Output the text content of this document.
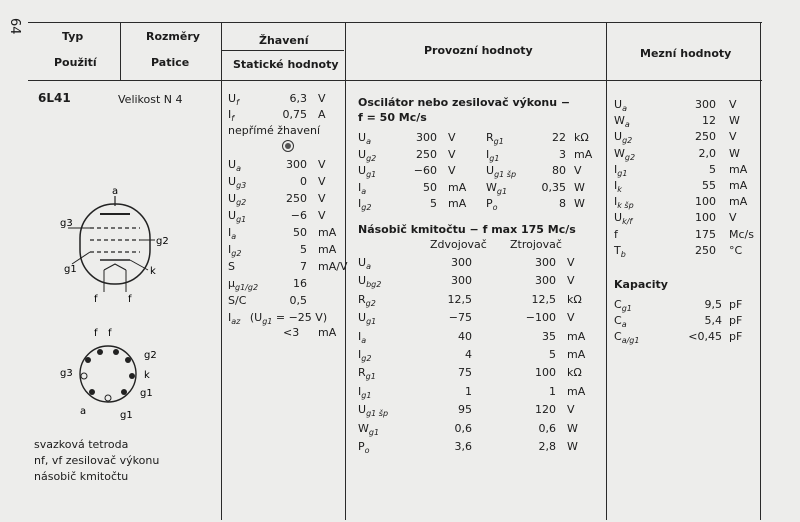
64
Typ
Použití
Rozměry
Patice
Žhavení
Statické hodnoty
Provozní hodnoty	Mezní hodnoty
6L41	Velikost N 4
a
g3
g2
g1	k
f	f
f f
g2
k
g1
g3
a	g1
svazková tetroda
nf, vf zesilovač výkonu
násobič kmitočtu
$U_f$	6,3 V
$I_f$	0,75 A
nepřímé žhavení
$U_a$	300 V
$U_{g3}$	0 V
$U_{g2}$	250 V
$U_{g1}$	−6 V
$I_a$	50 mA
$I_{g2}$	5 mA
S	7 mA/V
$\mu_{g1/g2}$	16
S/C	0,5
$I_{az}$ ($U_{g1} = -25$ V)
<3 mA
Oscilátor nebo zesilovač výkonu −
f = 50 Mc/s
$U_a$	300 V
$U_{g2}$	250 V
$U_{g1}$	−60 V
$I_a$	50 mA
$I_{g2}$	5 mA
$R_{g1}$	22 kΩ
$I_{g1}$	3 mA
$U_{g1 šp}$	80 V
$W_{g1}$	0,35 W
$P_o$	8 W
Násobič kmitočtu − f max 175 Mc/s
Zdvojovač Ztrojovač
$U_a$	300	300 V
$U_{bg2}$	300	300 V
$R_{g2}$	12,5	12,5 kΩ
$U_{g1}$	−75	−100 V
$I_a$	40	35 mA
$I_{g2}$	4	5 mA
$R_{g1}$	75	100 kΩ
$I_{g1}$	1	1 mA
$U_{g1 šp}$	95	120 V
$W_{g1}$	0,6	0,6 W
$P_o$	3,6	2,8 W
$U_a$	300 V
$W_a$	12 W
$U_{g2}$	250 V
$W_{g2}$	2,0 W
$I_{g1}$	5 mA
$I_k$	55 mA
$I_{k šp}$	100 mA
$U_{k/f}$	100 V
f	175 Mc/s
$T_b$	250 °C
Kapacity
$C_{g1}$	9,5 pF
$C_a$	5,4 pF
$C_{a/g1}$	<0,45 pF
